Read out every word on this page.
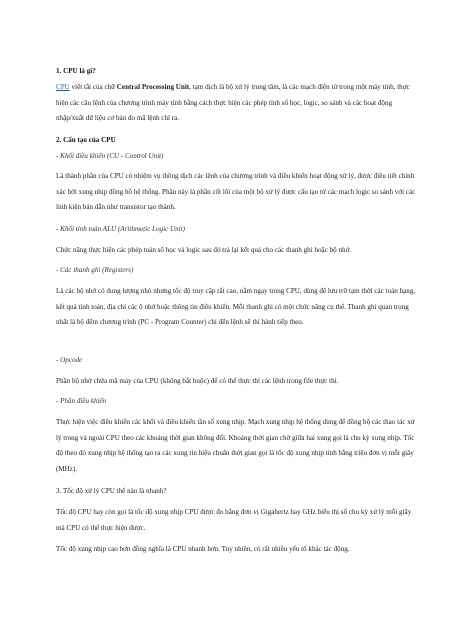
1. CPU là gì?
CPU viết tắt của chữ Central Processing Unit, tạm dịch là bộ xử lý trung tâm, là các mạch điện tử trong một máy tính, thực hiện các câu lệnh của chương trình máy tính bằng cách thực hiện các phép tính số học, logic, so sánh và các hoạt động nhập/xuất dữ liệu cơ bản do mã lệnh chỉ ra.
2. Cấu tạo của CPU
- Khối điều khiển (CU - Control Unit)
Là thành phần của CPU có nhiệm vụ thông dịch các lệnh của chương trình và điều khiển hoạt động xử lý, được điều tiết chính xác bởi xung nhịp đồng hồ hệ thống. Phần này là phần cốt lõi của một bộ xử lý được cấu tạo từ các mạch logic so sánh với các linh kiện bán dẫn như transistor tạo thành.
- Khối tính toán ALU (Arithmetic Logic Unit)
Chức năng thực hiện các phép toán số học và logic sau đó trả lại kết quả cho các thanh ghi hoặc bộ nhớ.
- Các thanh ghi (Registers)
Là các bộ nhớ có dung lượng nhỏ nhưng tốc độ truy cập rất cao, nằm ngay trong CPU, dùng để lưu trữ tạm thời các toán hạng, kết quả tính toán, địa chỉ các ô nhớ hoặc thông tin điều khiển. Mỗi thanh ghi có một chức năng cụ thể. Thanh ghi quan trọng nhất là bộ đếm chương trình (PC - Program Counter) chỉ đến lệnh sẽ thi hành tiếp theo.
- Opcode
Phần bộ nhớ chứa mã máy của CPU (không bắt buộc) để có thể thực thi các lệnh trong file thực thi.
- Phần điều khiển
Thực hiện việc điều khiển các khối và điều khiển tần số xung nhịp. Mạch xung nhịp hệ thống dùng để đồng bộ các thao tác xử lý trong và ngoài CPU theo các khoảng thời gian không đổi. Khoảng thời gian chờ giữa hai xung gọi là chu kỳ xung nhịp. Tốc độ theo đó xung nhịp hệ thống tạo ra các xung tín hiệu chuẩn thời gian gọi là tốc độ xung nhịp tính bằng triệu đơn vị mỗi giây (MHz).
3. Tốc độ xử lý CPU thế nào là nhanh?
Tốc độ CPU hay còn gọi là tốc độ xung nhịp CPU được đo bằng đơn vị Gigahertz hay GHz biểu thị số chu kỳ xử lý mỗi giây mà CPU có thể thực hiện được.
Tốc độ xung nhịp cao hơn đồng nghĩa là CPU nhanh hơn. Tuy nhiên, có rất nhiều yếu tố khác tác động.
